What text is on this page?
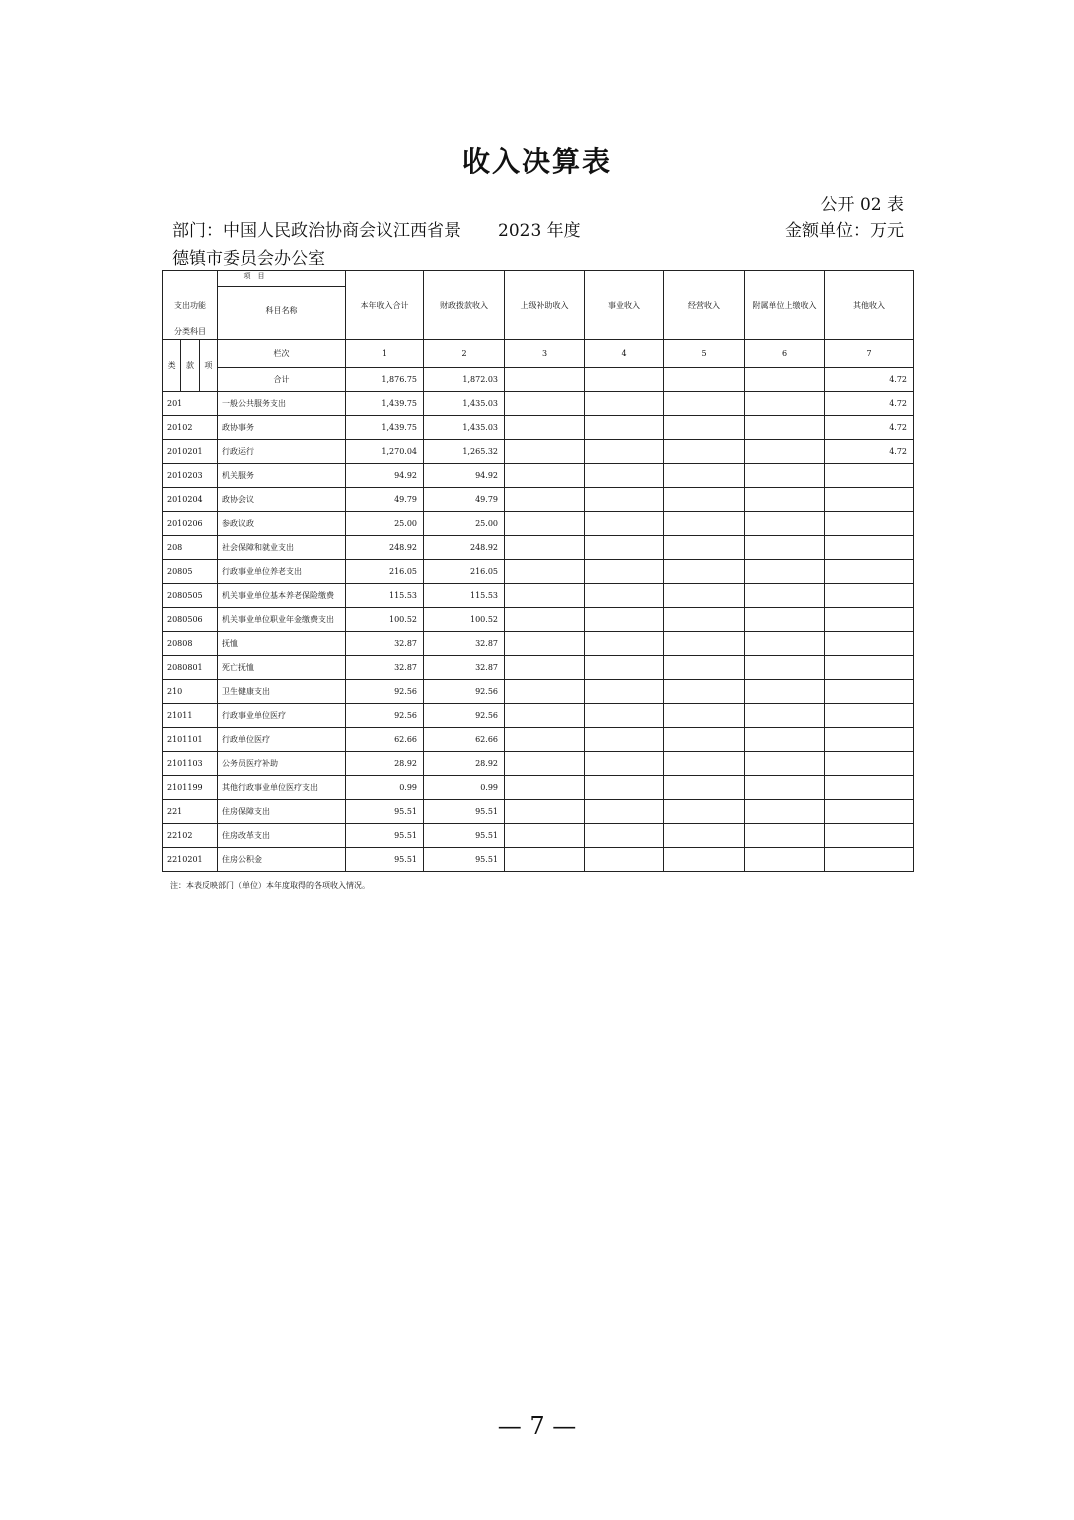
收入决算表
公开 02 表
部门：中国人民政治协商会议江西省景德镇市委员会办公室
2023 年度	金额单位：万元
项　目
支出功能
分类科目
科目名称		本年收入合计	财政拨款收入	上级补助收入	事业收入	经营收入	附属单位上缴收入	其他收入

类 款 项	栏次	1	2	3	4	5	6	7
	合计	1,876.75	1,872.03					4.72
201	一般公共服务支出	1,439.75	1,435.03					4.72
20102	政协事务	1,439.75	1,435.03					4.72
2010201	行政运行	1,270.04	1,265.32					4.72
2010203	机关服务	94.92	94.92					
2010204	政协会议	49.79	49.79					
2010206	参政议政	25.00	25.00					
208	社会保障和就业支出	248.92	248.92					
20805	行政事业单位养老支出	216.05	216.05					
2080505	机关事业单位基本养老保险缴费	115.53	115.53					
2080506	机关事业单位职业年金缴费支出	100.52	100.52					
20808	抚恤	32.87	32.87					
2080801	死亡抚恤	32.87	32.87					
210	卫生健康支出	92.56	92.56					
21011	行政事业单位医疗	92.56	92.56					
2101101	行政单位医疗	62.66	62.66					
2101103	公务员医疗补助	28.92	28.92					
2101199	其他行政事业单位医疗支出	0.99	0.99					
221	住房保障支出	95.51	95.51					
22102	住房改革支出	95.51	95.51					
2210201	住房公积金	95.51	95.51					
注：本表反映部门（单位）本年度取得的各项收入情况。
— 7 —
